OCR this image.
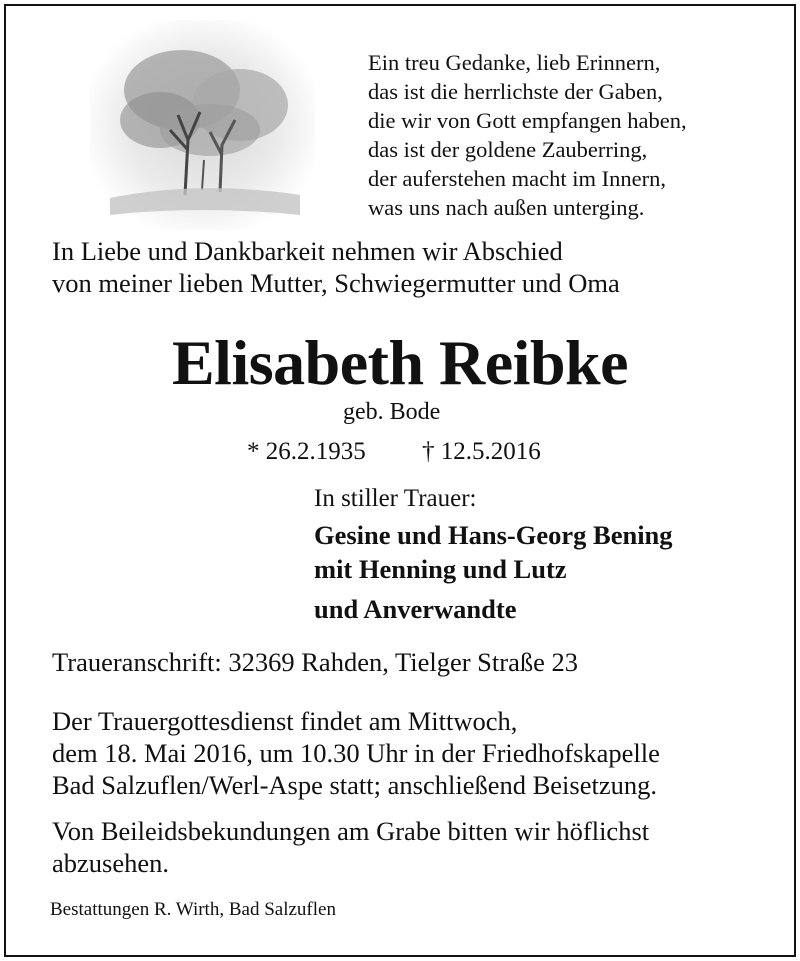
Ein treu Gedanke, lieb Erinnern,
das ist die herrlichste der Gaben,
die wir von Gott empfangen haben,
das ist der goldene Zauberring,
der auferstehen macht im Innern,
was uns nach außen unterging.
In Liebe und Dankbarkeit nehmen wir Abschied
von meiner lieben Mutter, Schwiegermutter und Oma
Elisabeth Reibke
geb. Bode
* 26.2.1935 † 12.5.2016
In stiller Trauer:
Gesine und Hans-Georg Bening
mit Henning und Lutz
und Anverwandte
Traueranschrift: 32369 Rahden, Tielger Straße 23
Der Trauergottesdienst findet am Mittwoch,
dem 18. Mai 2016, um 10.30 Uhr in der Friedhofskapelle
Bad Salzuflen/Werl-Aspe statt; anschließend Beisetzung.
Von Beileidsbekundungen am Grabe bitten wir höflichst
abzusehen.
Bestattungen R. Wirth, Bad Salzuflen
